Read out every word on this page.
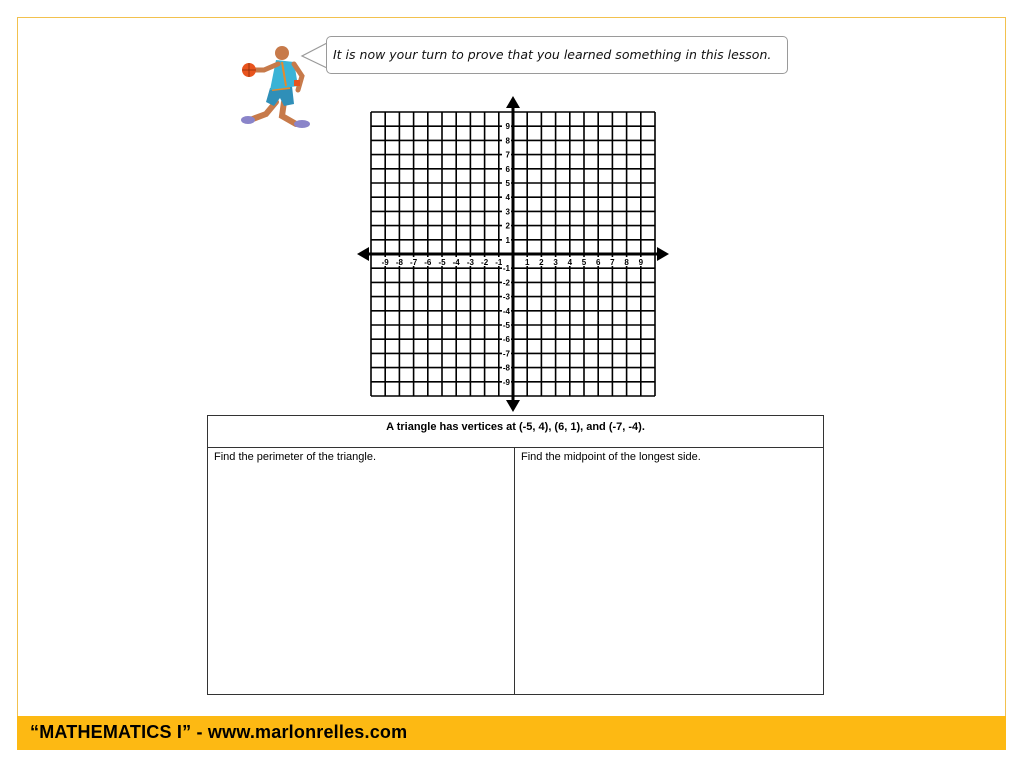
It is now your turn to prove that you learned something in this lesson.
-9 -8 -7 -6 -5 -4 -3 -2 -1	1 2 3 4 5 6 7 8 9
9
8
7
6
5
4
3
2
1
-1
-2
-3
-4
-5
-6
-7
-8
-9
A triangle has vertices at (-5, 4), (6, 1), and (-7, -4).
Find the perimeter of the triangle.	Find the midpoint of the longest side.
“MATHEMATICS I” - www.marlonrelles.com
